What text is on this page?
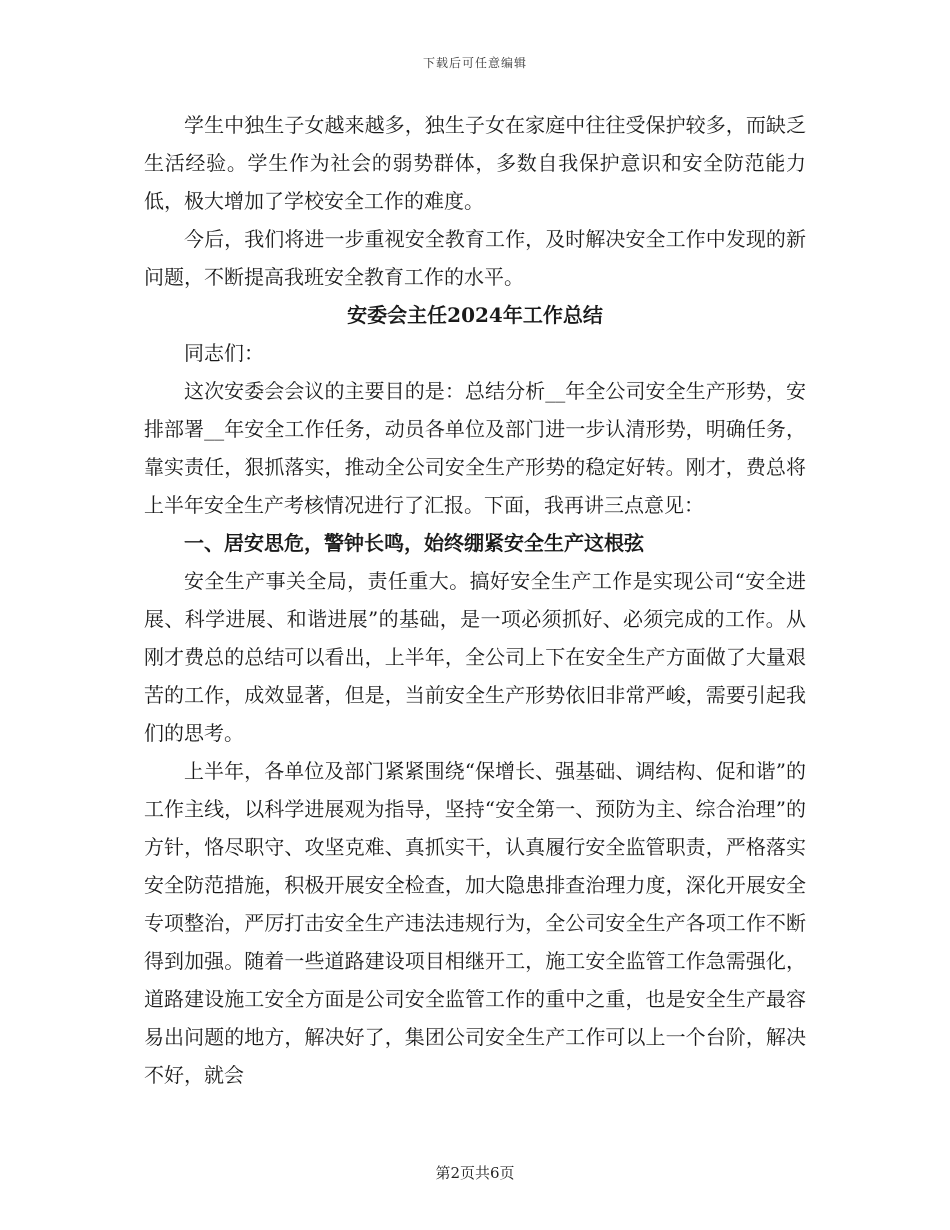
下载后可任意编辑

学生中独生子女越来越多，独生子女在家庭中往往受保护较多，而缺乏生活经验。学生作为社会的弱势群体，多数自我保护意识和安全防范能力低，极大增加了学校安全工作的难度。

今后，我们将进一步重视安全教育工作，及时解决安全工作中发现的新问题，不断提高我班安全教育工作的水平。

安委会主任2024年工作总结

同志们：

这次安委会会议的主要目的是：总结分析__年全公司安全生产形势，安排部署__年安全工作任务，动员各单位及部门进一步认清形势，明确任务，靠实责任，狠抓落实，推动全公司安全生产形势的稳定好转。刚才，费总将上半年安全生产考核情况进行了汇报。下面，我再讲三点意见：

一、居安思危，警钟长鸣，始终绷紧安全生产这根弦

安全生产事关全局，责任重大。搞好安全生产工作是实现公司“安全进展、科学进展、和谐进展”的基础，是一项必须抓好、必须完成的工作。从刚才费总的总结可以看出，上半年，全公司上下在安全生产方面做了大量艰苦的工作，成效显著，但是，当前安全生产形势依旧非常严峻，需要引起我们的思考。

上半年，各单位及部门紧紧围绕“保增长、强基础、调结构、促和谐”的工作主线，以科学进展观为指导，坚持“安全第一、预防为主、综合治理”的方针，恪尽职守、攻坚克难、真抓实干，认真履行安全监管职责，严格落实安全防范措施，积极开展安全检查，加大隐患排查治理力度，深化开展安全专项整治，严厉打击安全生产违法违规行为，全公司安全生产各项工作不断得到加强。随着一些道路建设项目相继开工，施工安全监管工作急需强化，道路建设施工安全方面是公司安全监管工作的重中之重，也是安全生产最容易出问题的地方，解决好了，集团公司安全生产工作可以上一个台阶，解决不好，就会

第2页共6页
